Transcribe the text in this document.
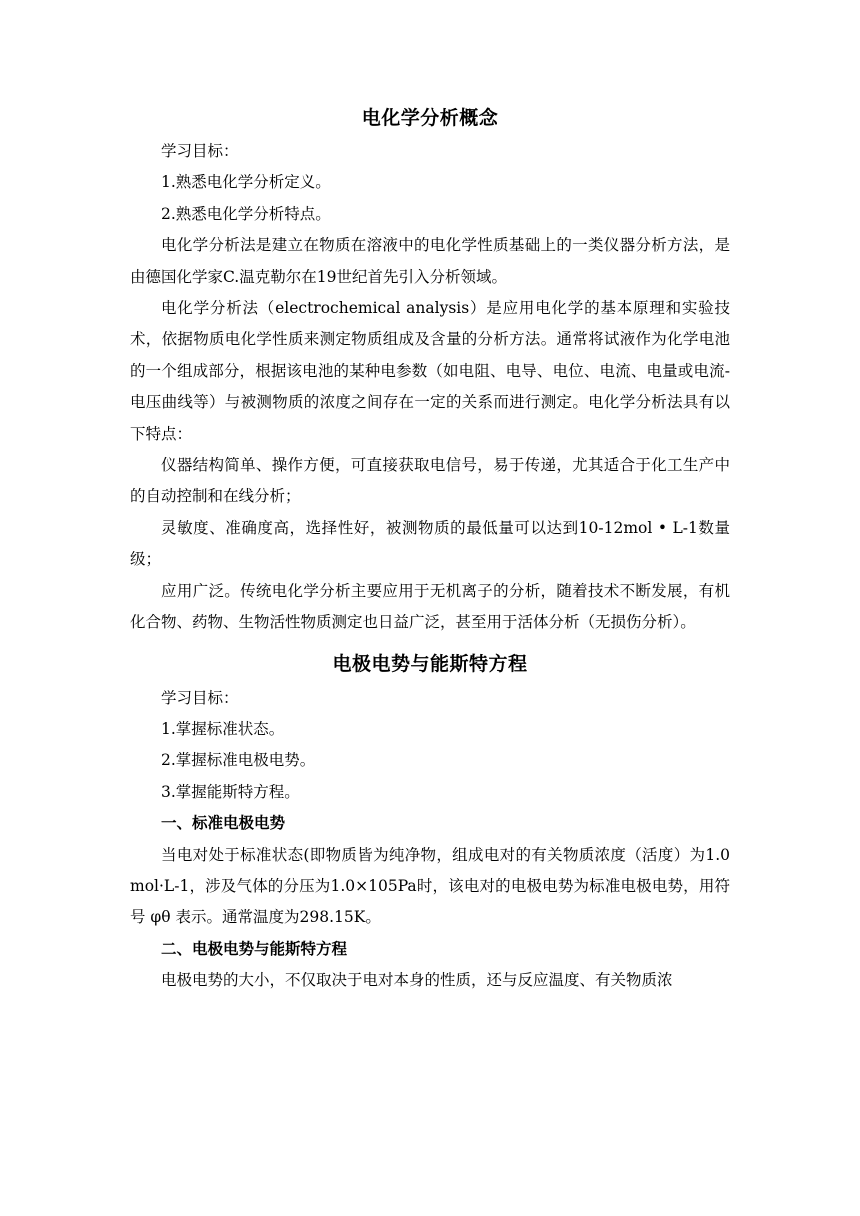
电化学分析概念

学习目标：

1.熟悉电化学分析定义。

2.熟悉电化学分析特点。

电化学分析法是建立在物质在溶液中的电化学性质基础上的一类仪器分析方法，是由德国化学家C.温克勒尔在19世纪首先引入分析领域。

电化学分析法（electrochemical analysis）是应用电化学的基本原理和实验技术，依据物质电化学性质来测定物质组成及含量的分析方法。通常将试液作为化学电池的一个组成部分，根据该电池的某种电参数（如电阻、电导、电位、电流、电量或电流-电压曲线等）与被测物质的浓度之间存在一定的关系而进行测定。电化学分析法具有以下特点：

仪器结构简单、操作方便，可直接获取电信号，易于传递，尤其适合于化工生产中的自动控制和在线分析；

灵敏度、准确度高，选择性好，被测物质的最低量可以达到10-12mol • L-1数量级；

应用广泛。传统电化学分析主要应用于无机离子的分析，随着技术不断发展，有机化合物、药物、生物活性物质测定也日益广泛，甚至用于活体分析（无损伤分析）。

电极电势与能斯特方程

学习目标：

1.掌握标准状态。

2.掌握标准电极电势。

3.掌握能斯特方程。

一、标准电极电势

当电对处于标准状态(即物质皆为纯净物，组成电对的有关物质浓度（活度）为1.0 mol·L-1，涉及气体的分压为1.0×105Pa时，该电对的电极电势为标准电极电势，用符号 φθ 表示。通常温度为298.15K。

二、电极电势与能斯特方程

电极电势的大小，不仅取决于电对本身的性质，还与反应温度、有关物质浓
